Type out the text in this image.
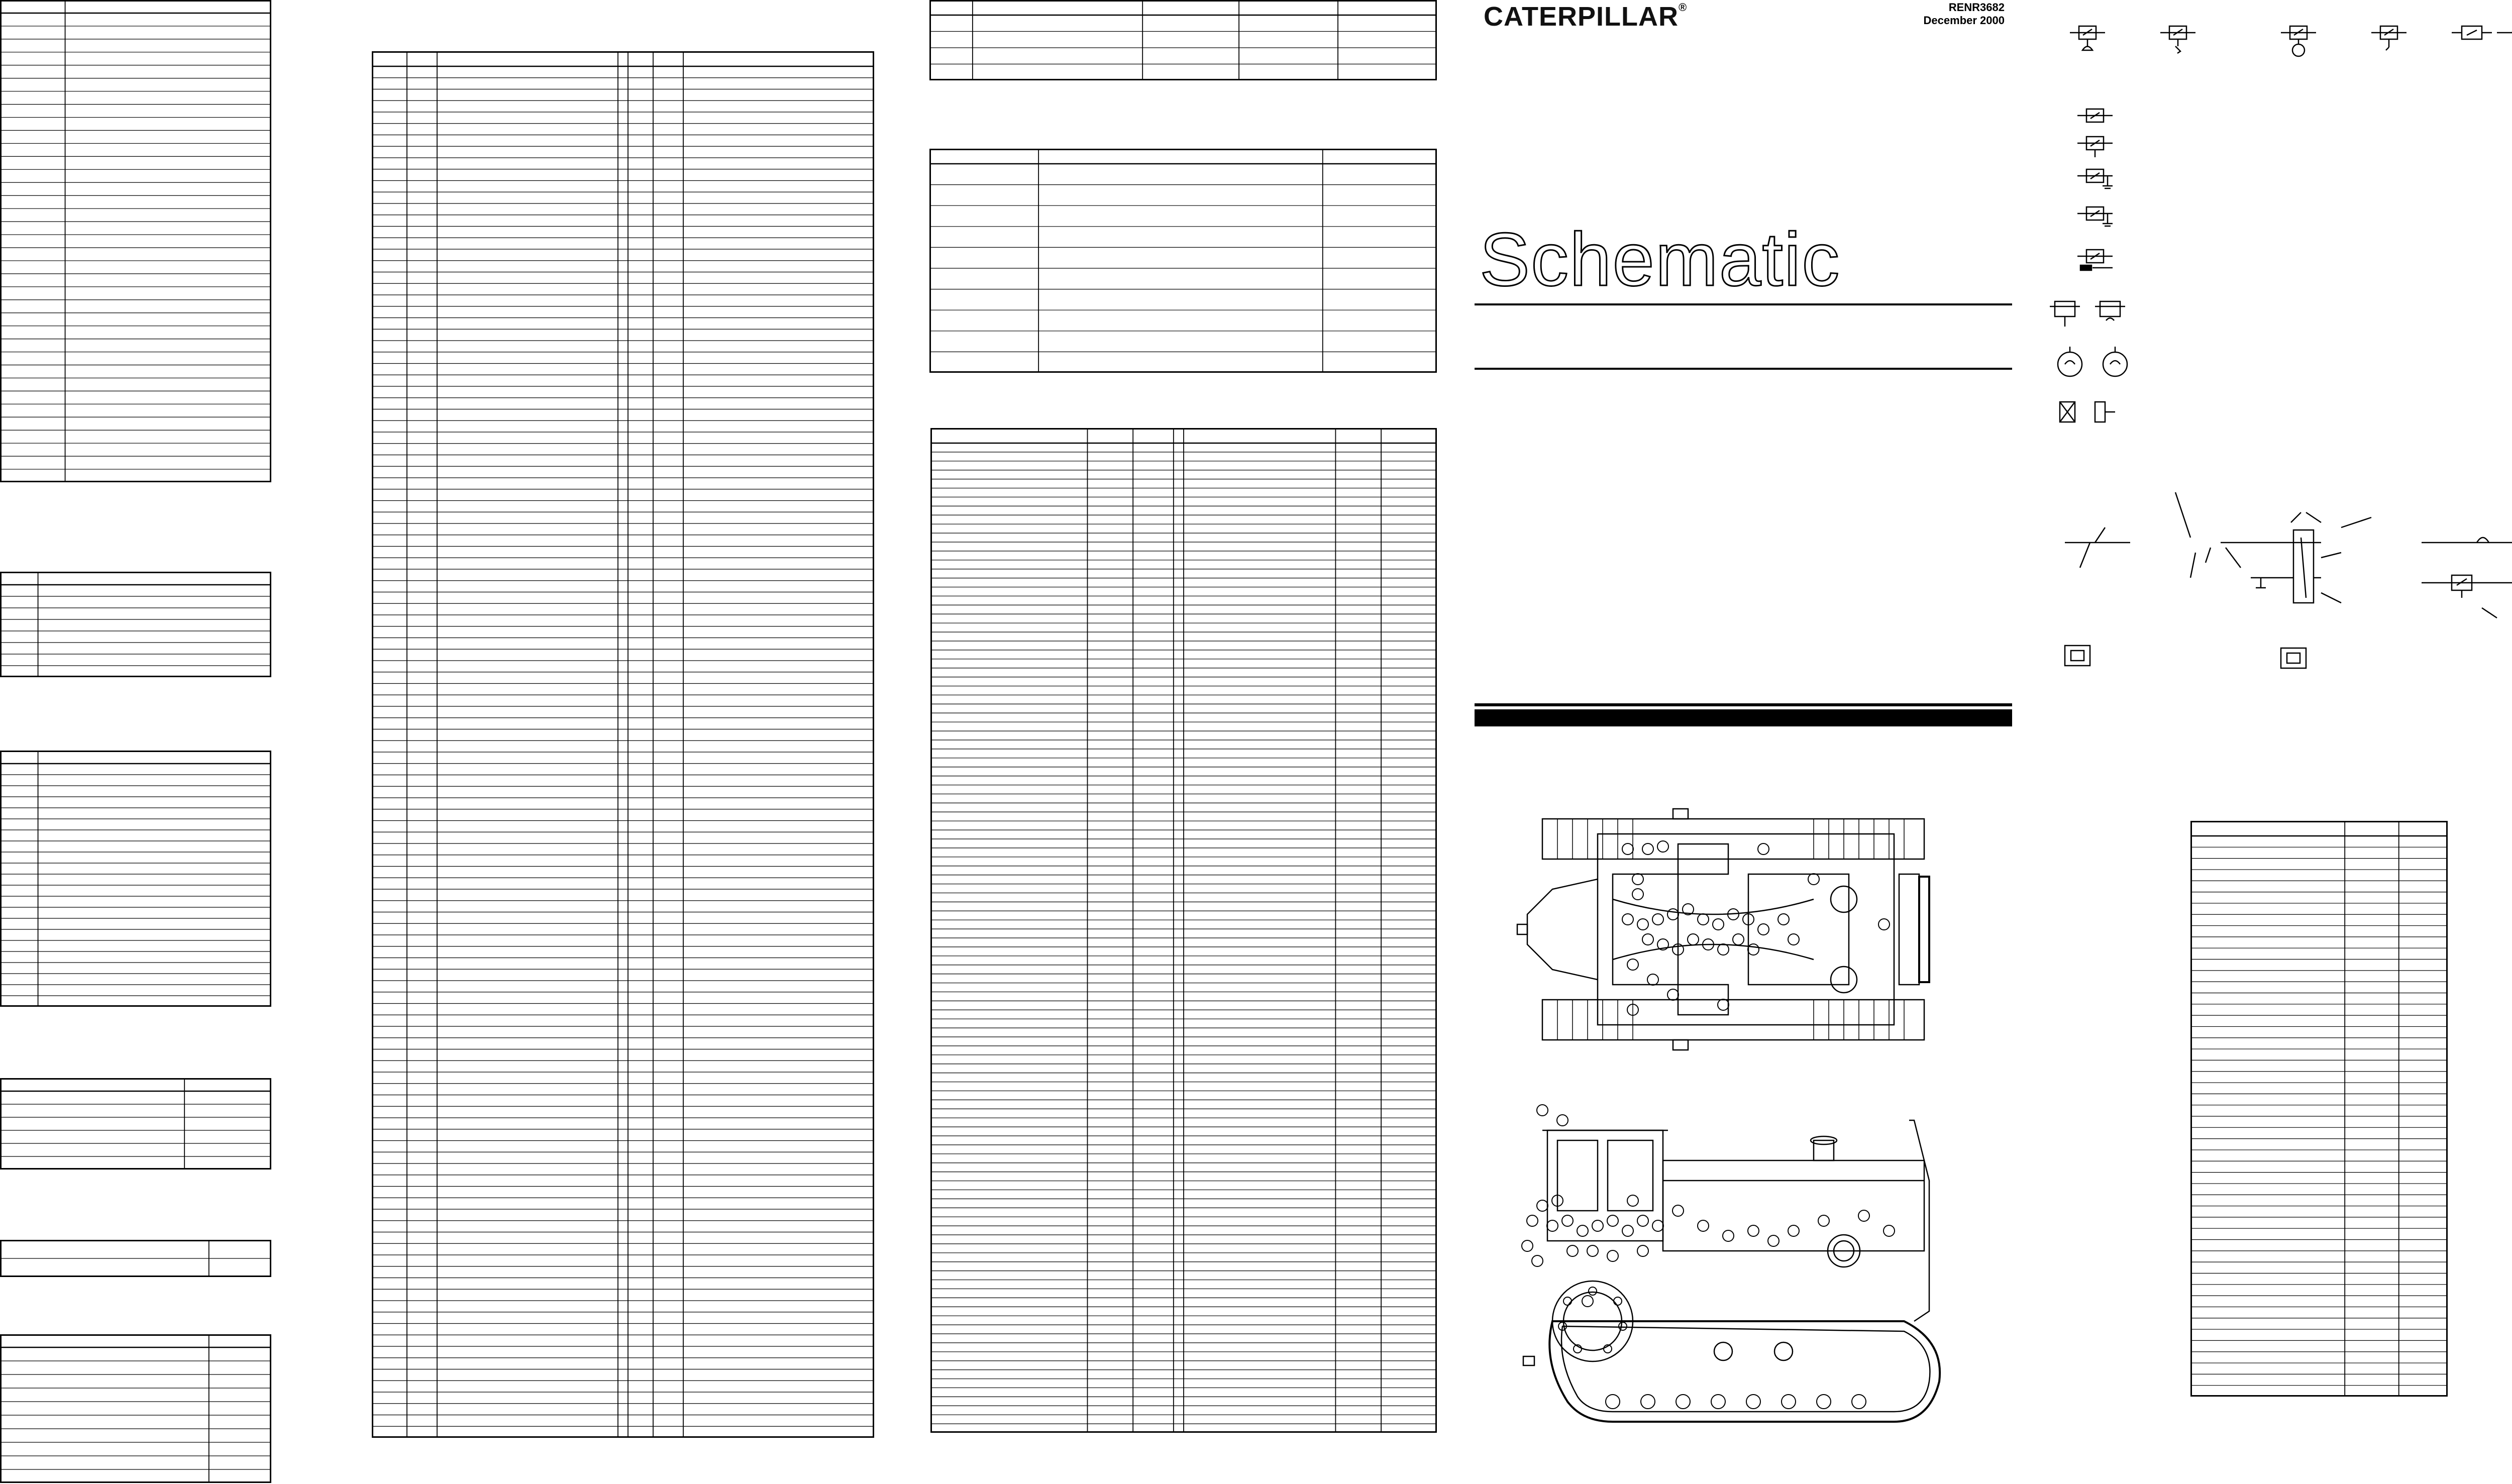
CATERPILLAR®	RENR3682
December 2000
Schematic
